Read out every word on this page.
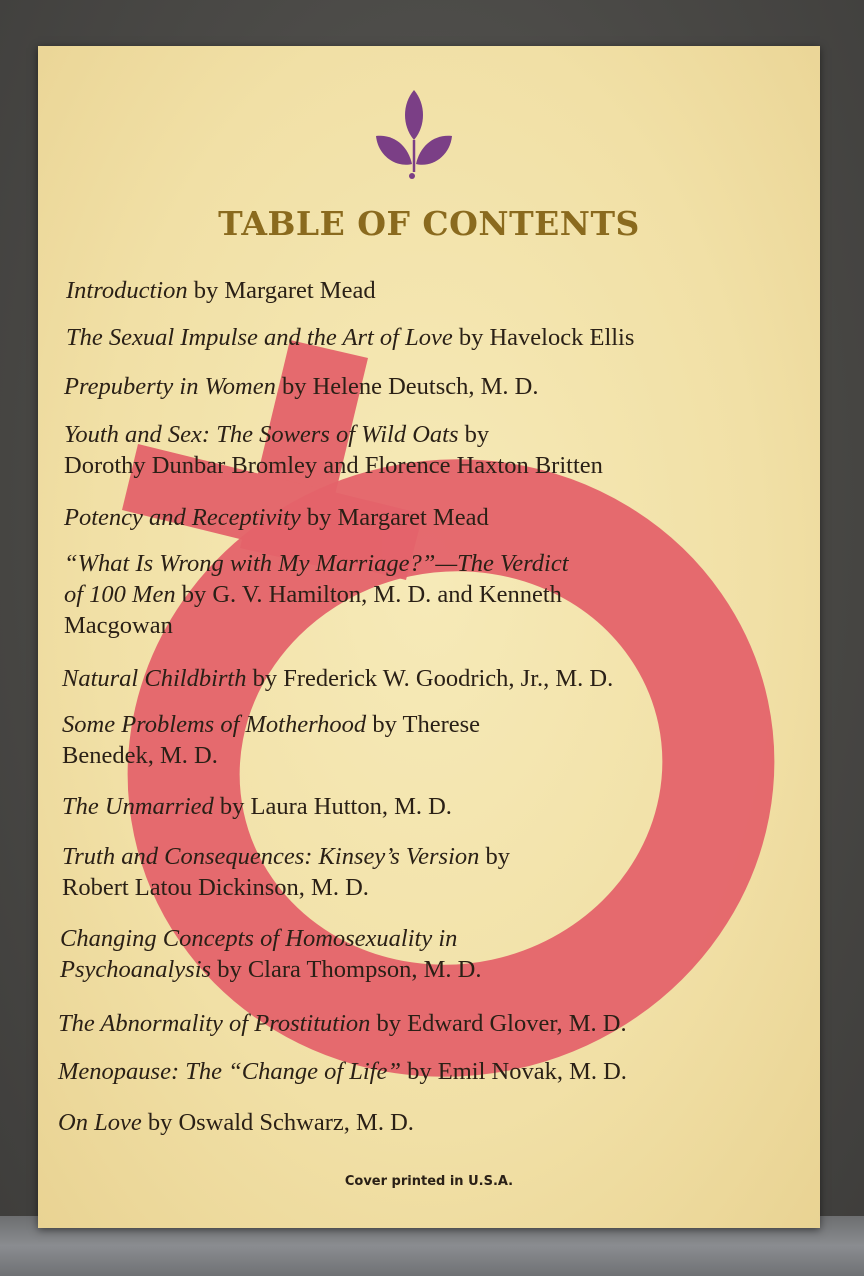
TABLE OF CONTENTS
Introduction by Margaret Mead
The Sexual Impulse and the Art of Love by Havelock Ellis
Prepuberty in Women by Helene Deutsch, M. D.
Youth and Sex: The Sowers of Wild Oats by
Dorothy Dunbar Bromley and Florence Haxton Britten
Potency and Receptivity by Margaret Mead
“What Is Wrong with My Marriage?”—The Verdict
of 100 Men by G. V. Hamilton, M. D. and Kenneth
Macgowan
Natural Childbirth by Frederick W. Goodrich, Jr., M. D.
Some Problems of Motherhood by Therese
Benedek, M. D.
The Unmarried by Laura Hutton, M. D.
Truth and Consequences: Kinsey’s Version by
Robert Latou Dickinson, M. D.
Changing Concepts of Homosexuality in
Psychoanalysis by Clara Thompson, M. D.
The Abnormality of Prostitution by Edward Glover, M. D.
Menopause: The “Change of Life” by Emil Novak, M. D.
On Love by Oswald Schwarz, M. D.
Cover printed in U.S.A.
